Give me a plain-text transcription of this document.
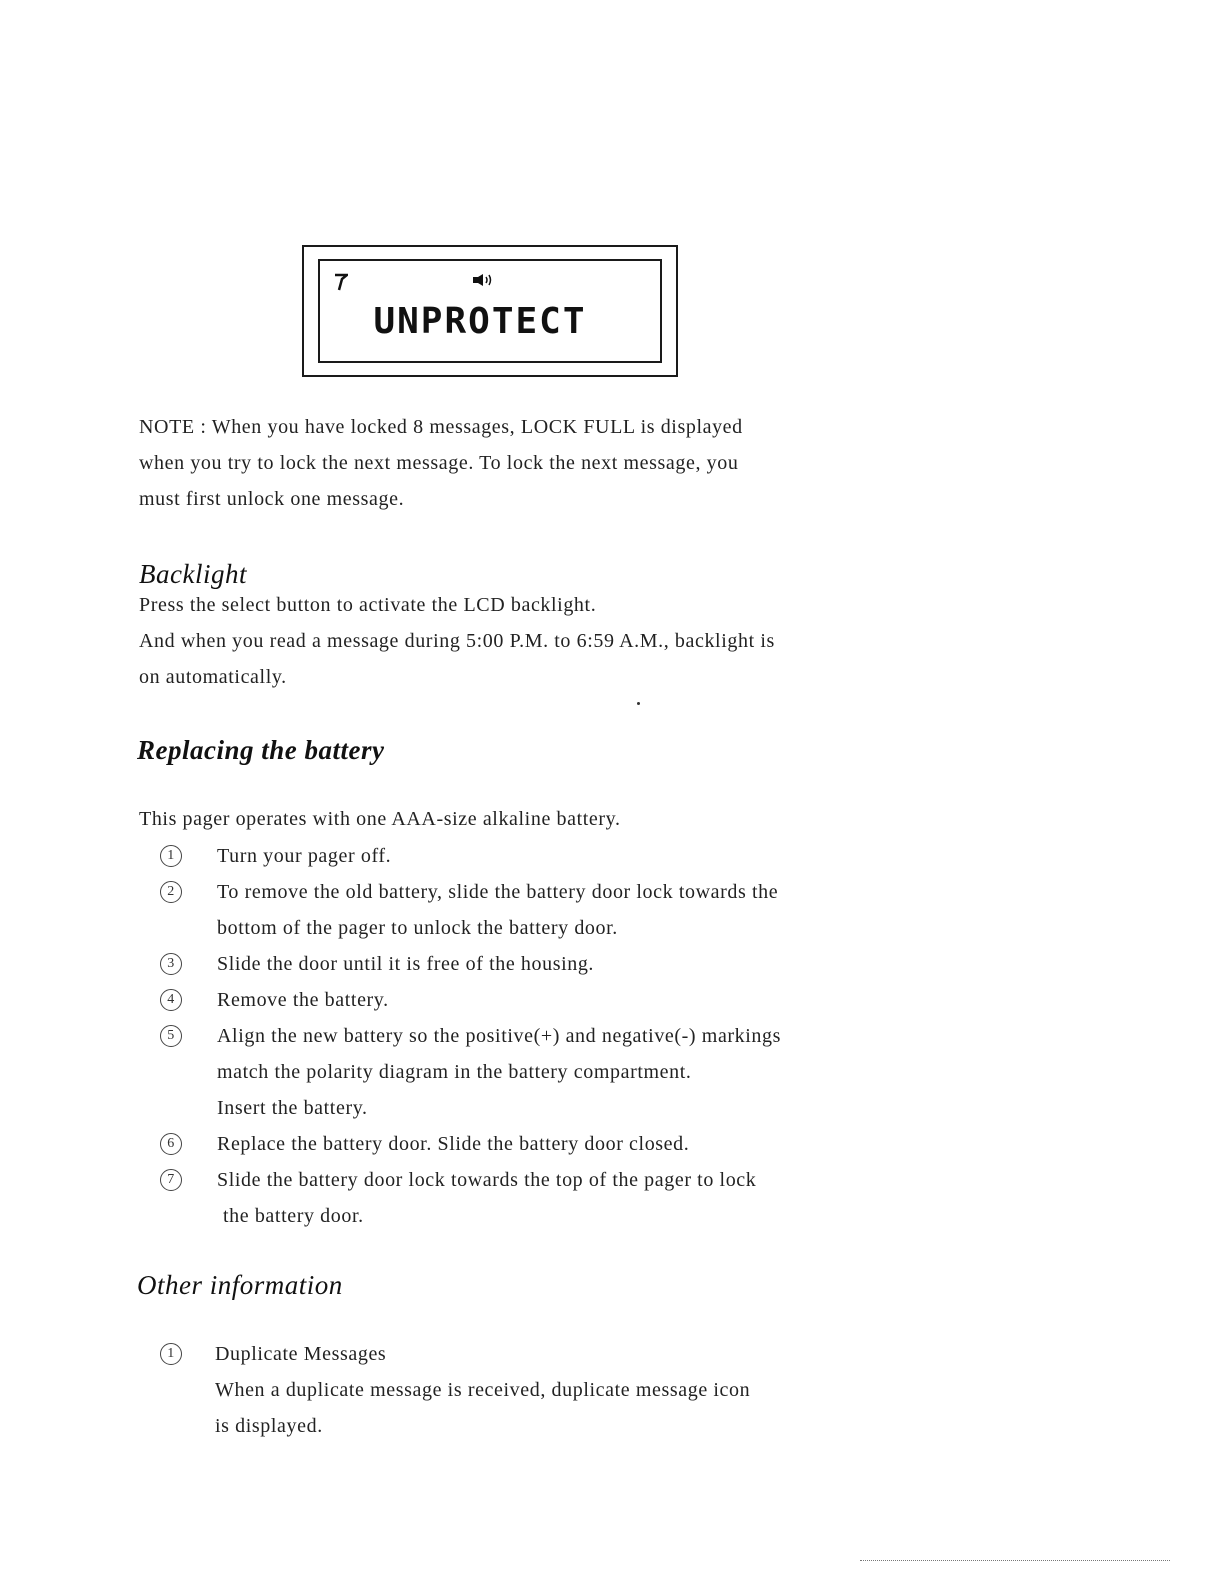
UNPROTECT
NOTE : When you have locked 8 messages, LOCK FULL is displayed
when you try to lock the next message. To lock the next message, you
must first unlock one message.
Backlight
Press the select button to activate the LCD backlight.
And when you read a message during 5:00 P.M. to 6:59 A.M., backlight is
on automatically.
Replacing the battery
This pager operates with one AAA-size alkaline battery.
1	Turn your pager off.
2	To remove the old battery, slide the battery door lock towards the
bottom of the pager to unlock the battery door.
3	Slide the door until it is free of the housing.
4	Remove the battery.
5	Align the new battery so the positive(+) and negative(-) markings
match the polarity diagram in the battery compartment.
Insert the battery.
6	Replace the battery door. Slide the battery door closed.
7	Slide the battery door lock towards the top of the pager to lock
the battery door.
Other information
1	Duplicate Messages
When a duplicate message is received, duplicate message icon
is displayed.
